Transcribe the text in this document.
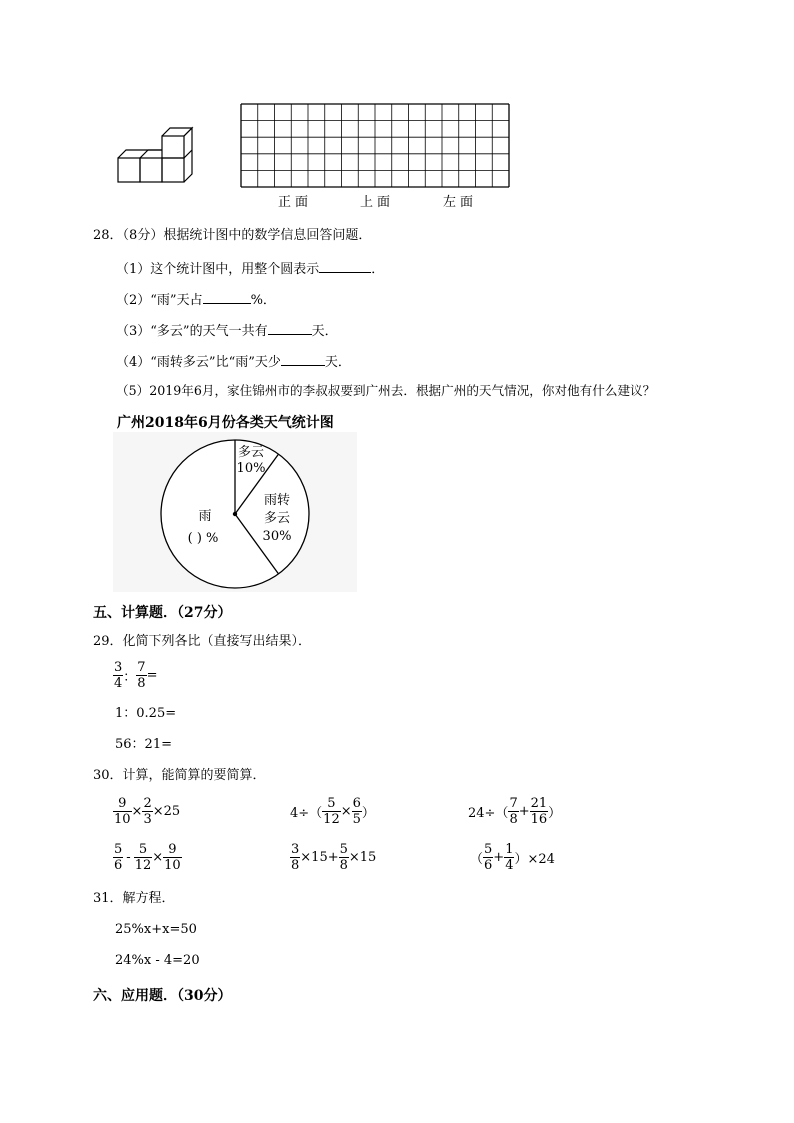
正面	上面	左面
28．（8分）根据统计图中的数学信息回答问题．
（1）这个统计图中，用整个圆表示	．
（2）“雨”天占	%．
（3）“多云”的天气一共有	天．
（4）“雨转多云”比“雨”天少	天．
（5）2019年6月，家住锦州市的李叔叔要到广州去．根据广州的天气情况，你对他有什么建议？
广州2018年6月份各类天气统计图
多云
10%
雨转
多云
30%
雨
( ) %
五、计算题．（27分）
29．化简下列各比（直接写出结果）．
$\frac{3}{4}$ ： $\frac{7}{8}$ =
1：0.25=
56：21=
30．计算，能简算的要简算．
$\frac{9}{10} \times \frac{2}{3} \times 25$	$4\div( \frac{5}{12} \times \frac{6}{5}$ ）	$24\div( \frac{7}{8} + \frac{21}{16}$ ）
$\frac{5}{6} - \frac{5}{12} \times \frac{9}{10}$	$\frac{3}{8} \times 15+ \frac{5}{8} \times 15$	（ $\frac{5}{6} + \frac{1}{4} )\times 24$
31．解方程．
25%x+x=50
24%x - 4=20
六、应用题．（30分）
